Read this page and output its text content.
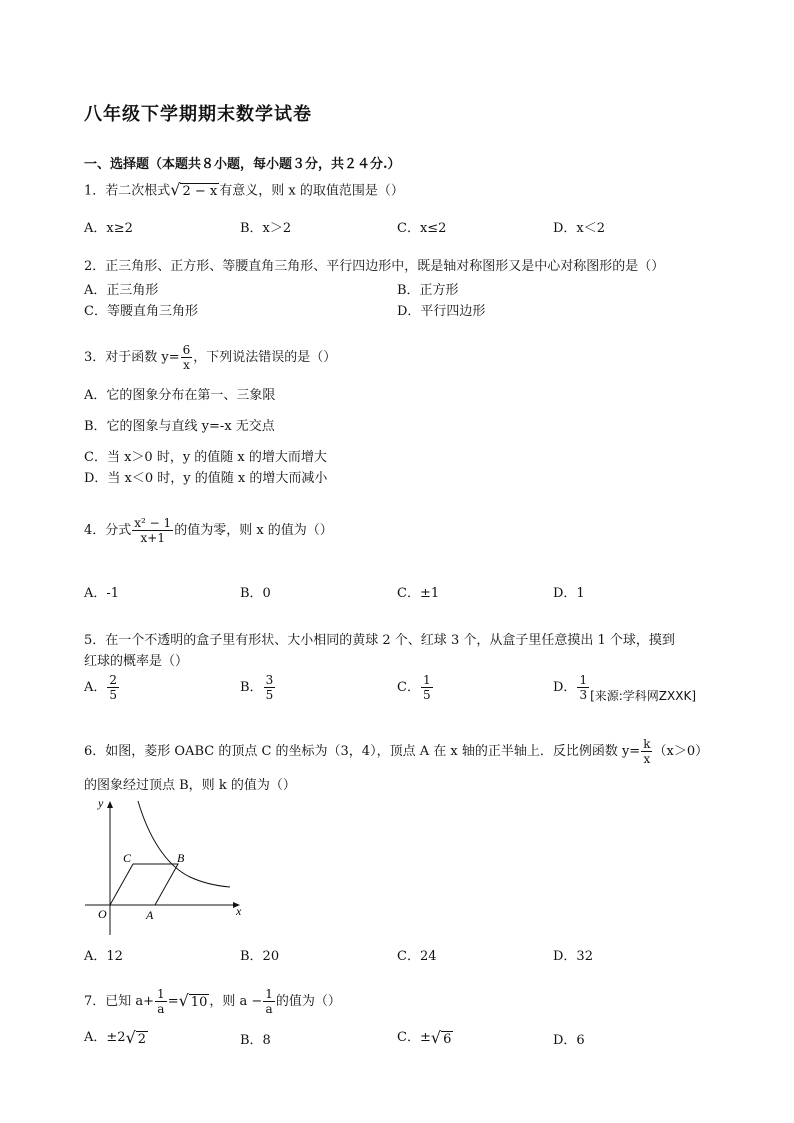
八年级下学期期末数学试卷
一、选择题（本题共８小题，每小题３分，共２４分.）
1．若二次根式√ 2 − x 有意义，则 x 的取值范围是（）
A．x≥2	B．x＞2	C．x≤2	D．x＜2
2．正三角形、正方形、等腰直角三角形、平行四边形中，既是轴对称图形又是中心对称图形的是（）
A．正三角形	B．正方形
C．等腰直角三角形	D．平行四边形
3．对于函数 $y= \frac{6}{x}$ ，下列说法错误的是（）
A．它的图象分布在第一、三象限
B．它的图象与直线 y=-x 无交点
C．当 x＞0 时，y 的值随 x 的增大而增大
D．当 x＜0 时，y 的值随 x 的增大而减小
4．分式 $\frac{\text{x² − 1}}{x+1}$ 的值为零，则 x 的值为（）
A．-1	B．0	C．±1	D．1
5．在一个不透明的盒子里有形状、大小相同的黄球 2 个、红球 3 个，从盒子里任意摸出 1 个球，摸到
红球的概率是（）
A． $\frac{2}{5}$	B． $\frac{3}{5}$	C． $\frac{1}{5}$	D． $\frac{1}{3}$ [来源:学科网ZXXK]
6．如图，菱形 OABC 的顶点 C 的坐标为（3，4），顶点 A 在 x 轴的正半轴上．反比例函数 $y= \frac{k}{x} (x>0)$
的图象经过顶点 B，则 k 的值为（）
y
x
O	A
B
C
A．12	B．20	C．24	D．32
7．已知 $a+ \frac{1}{a}$ =√ 10 ，则 $a - \frac{1}{a}$ 的值为（）
A．±2√ 2	B．8	C．±√ 6	D．6
